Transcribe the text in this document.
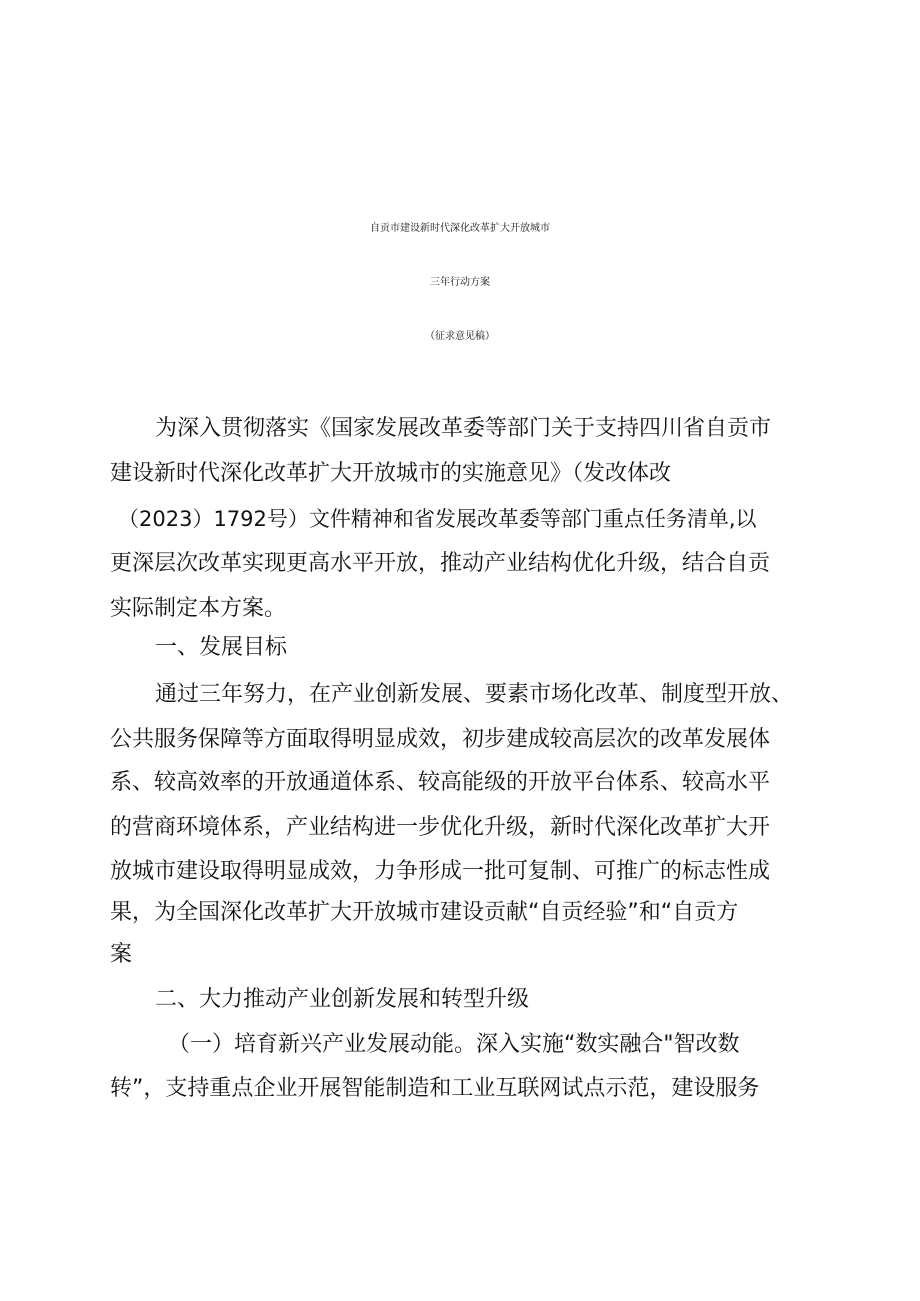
自贡市建设新时代深化改革扩大开放城市
三年行动方案
（征求意见稿）
为深入贯彻落实《国家发展改革委等部门关于支持四川省自贡市
建设新时代深化改革扩大开放城市的实施意见》（发改体改
（2023）1792号）文件精神和省发展改革委等部门重点任务清单,以
更深层次改革实现更高水平开放，推动产业结构优化升级，结合自贡
实际制定本方案。
一、发展目标
通过三年努力，在产业创新发展、要素市场化改革、制度型开放、
公共服务保障等方面取得明显成效，初步建成较高层次的改革发展体
系、较高效率的开放通道体系、较高能级的开放平台体系、较高水平
的营商环境体系，产业结构进一步优化升级，新时代深化改革扩大开
放城市建设取得明显成效，力争形成一批可复制、可推广的标志性成
果，为全国深化改革扩大开放城市建设贡献“自贡经验”和“自贡方
案
二、大力推动产业创新发展和转型升级
（一）培育新兴产业发展动能。深入实施“数实融合"智改数
转”，支持重点企业开展智能制造和工业互联网试点示范，建设服务
